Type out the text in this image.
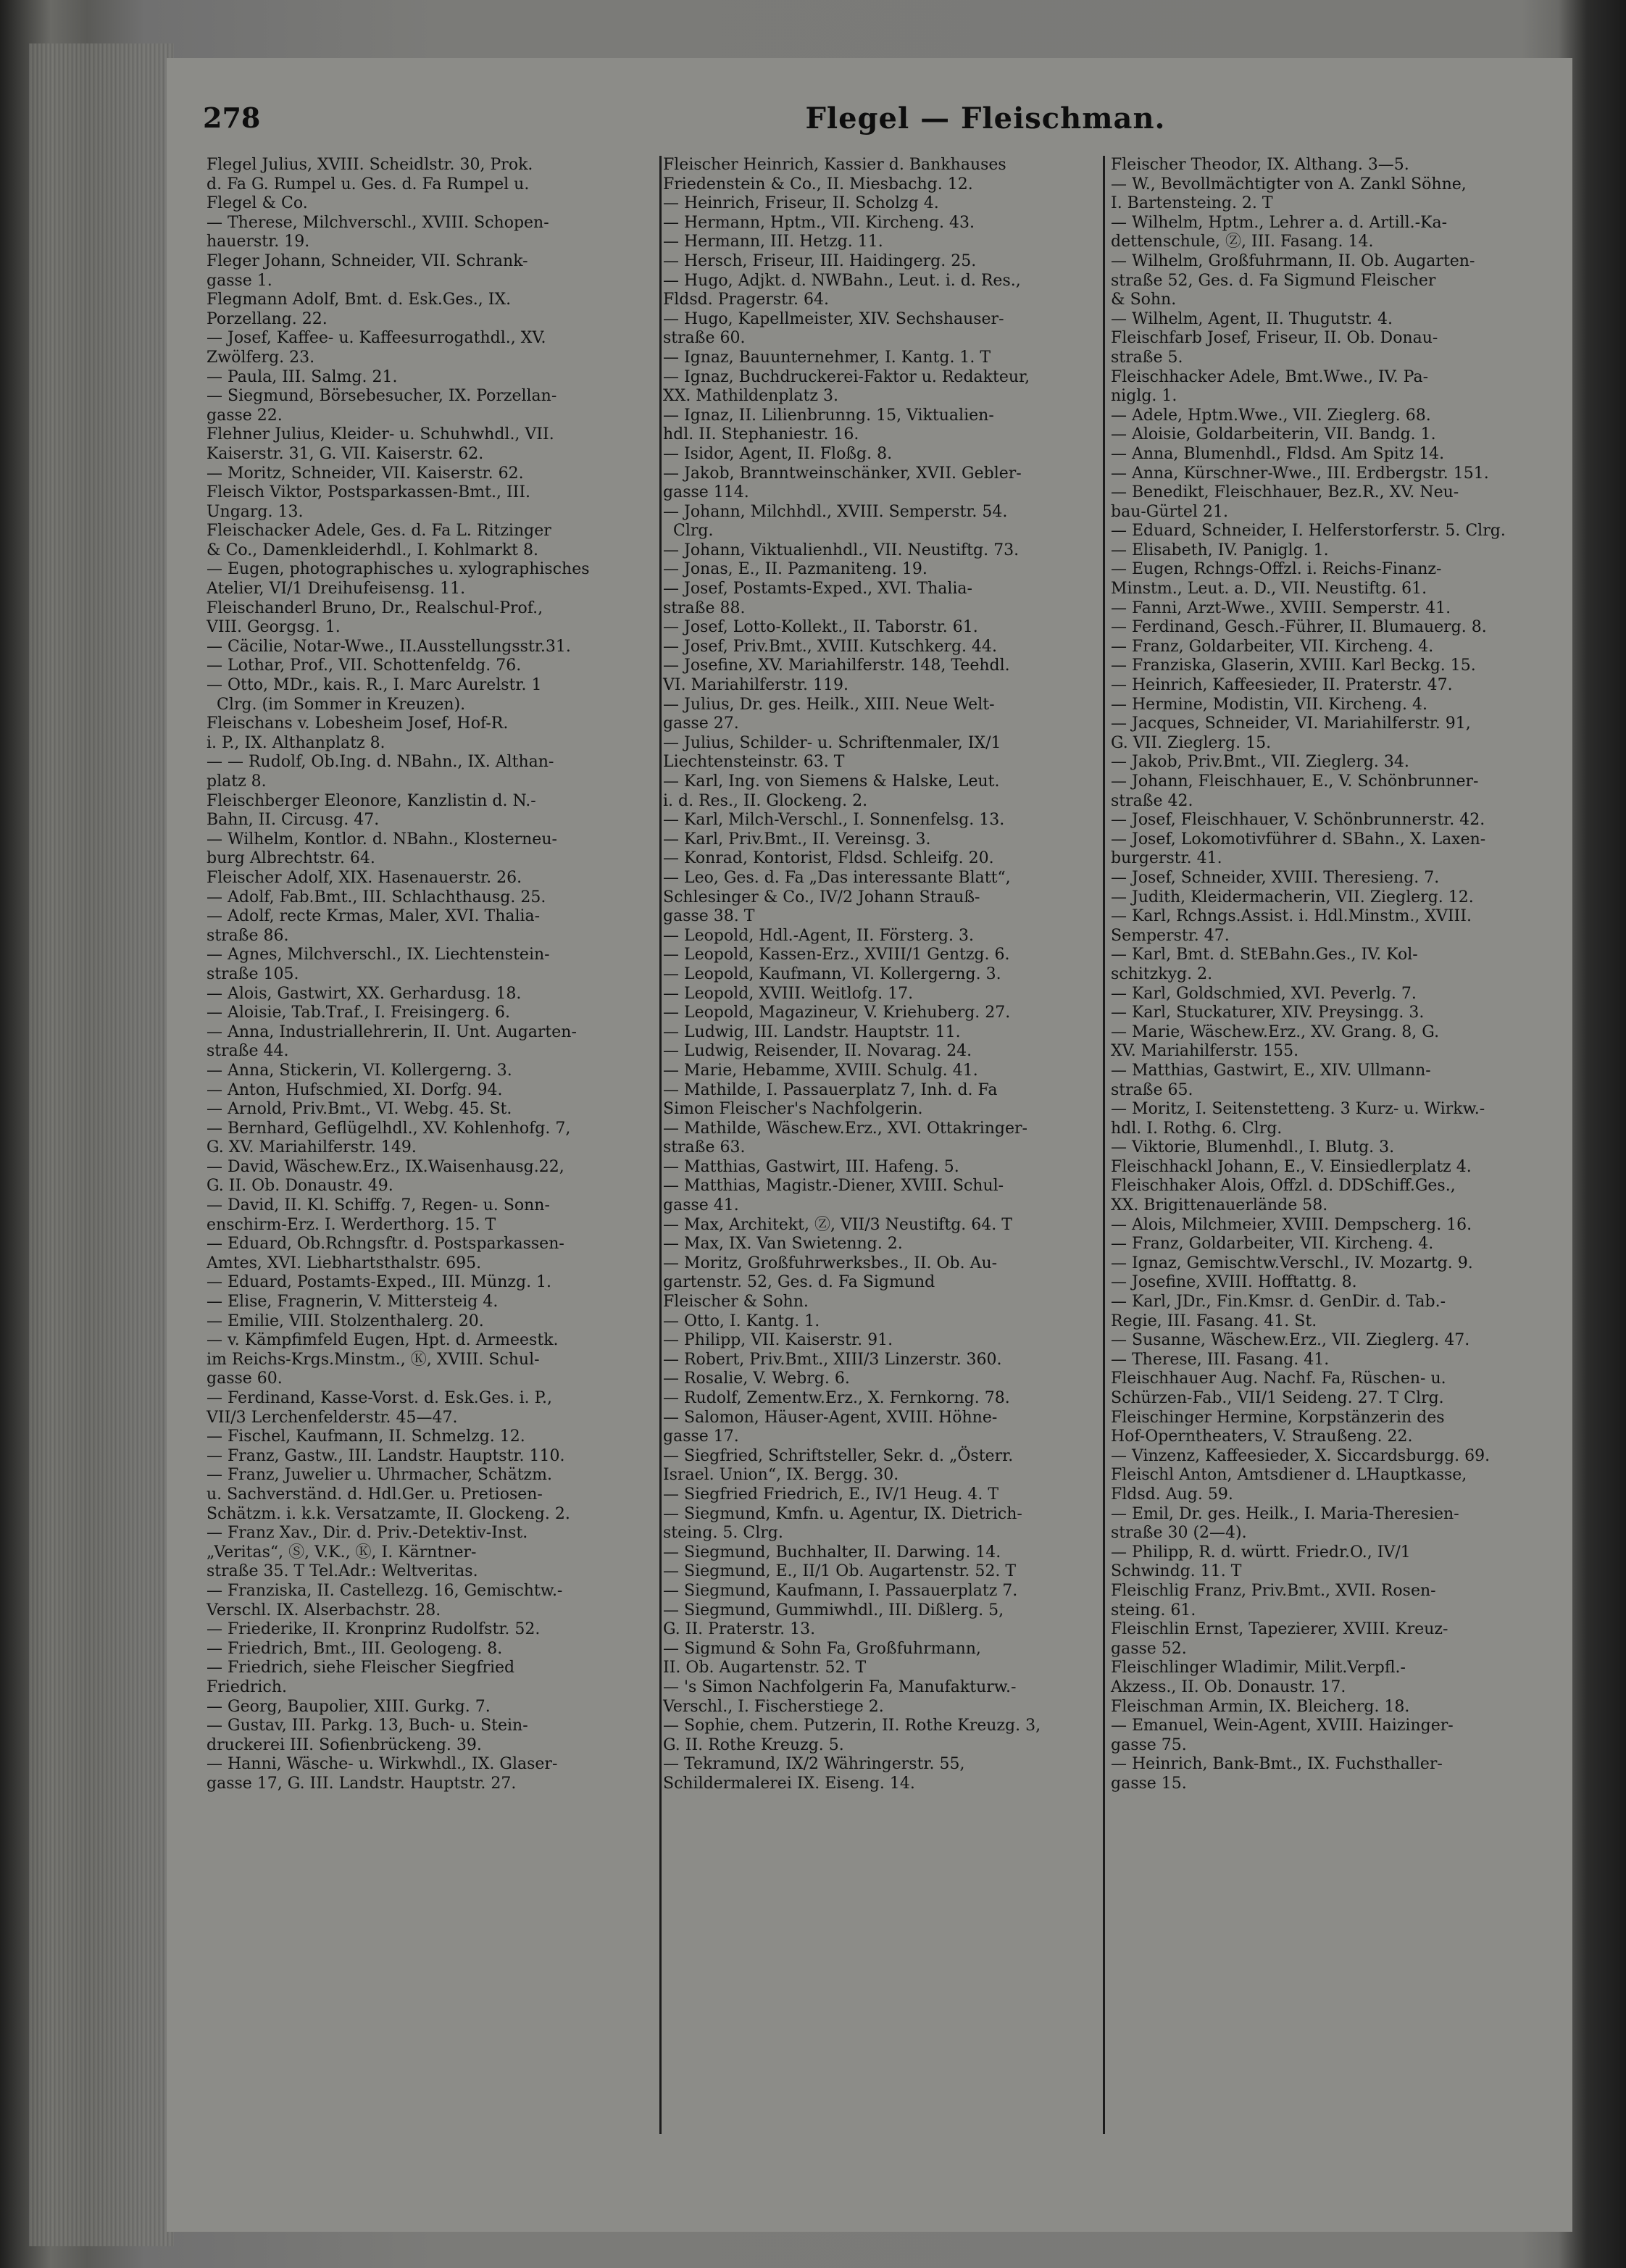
278	Flegel — Fleischman.
Flegel Julius, XVIII. Scheidlstr. 30, Prok.
d. Fa G. Rumpel u. Ges. d. Fa Rumpel u.
Flegel & Co.
— Therese, Milchverschl., XVIII. Schopen-
hauerstr. 19.
Fleger Johann, Schneider, VII. Schrank-
gasse 1.
Flegmann Adolf, Bmt. d. Esk.Ges., IX.
Porzellang. 22.
— Josef, Kaffee- u. Kaffeesurrogathdl., XV.
Zwölferg. 23.
— Paula, III. Salmg. 21.
— Siegmund, Börsebesucher, IX. Porzellan-
gasse 22.
Flehner Julius, Kleider- u. Schuhwhdl., VII.
Kaiserstr. 31, G. VII. Kaiserstr. 62.
— Moritz, Schneider, VII. Kaiserstr. 62.
Fleisch Viktor, Postsparkassen-Bmt., III.
Ungarg. 13.
Fleischacker Adele, Ges. d. Fa L. Ritzinger
& Co., Damenkleiderhdl., I. Kohlmarkt 8.
— Eugen, photographisches u. xylographisches
Atelier, VI/1 Dreihufeisensg. 11.
Fleischanderl Bruno, Dr., Realschul-Prof.,
VIII. Georgsg. 1.
— Cäcilie, Notar-Wwe., II.Ausstellungsstr.31.
— Lothar, Prof., VII. Schottenfeldg. 76.
— Otto, MDr., kais. R., I. Marc Aurelstr. 1
Clrg. (im Sommer in Kreuzen).
Fleischans v. Lobesheim Josef, Hof-R.
i. P., IX. Althanplatz 8.
— — Rudolf, Ob.Ing. d. NBahn., IX. Althan-
platz 8.
Fleischberger Eleonore, Kanzlistin d. N.-
Bahn, II. Circusg. 47.
— Wilhelm, Kontlor. d. NBahn., Klosterneu-
burg Albrechtstr. 64.
Fleischer Adolf, XIX. Hasenauerstr. 26.
— Adolf, Fab.Bmt., III. Schlachthausg. 25.
— Adolf, recte Krmas, Maler, XVI. Thalia-
straße 86.
— Agnes, Milchverschl., IX. Liechtenstein-
straße 105.
— Alois, Gastwirt, XX. Gerhardusg. 18.
— Aloisie, Tab.Traf., I. Freisingerg. 6.
— Anna, Industriallehrerin, II. Unt. Augarten-
straße 44.
— Anna, Stickerin, VI. Kollergerng. 3.
— Anton, Hufschmied, XI. Dorfg. 94.
— Arnold, Priv.Bmt., VI. Webg. 45. St.
— Bernhard, Geflügelhdl., XV. Kohlenhofg. 7,
G. XV. Mariahilferstr. 149.
— David, Wäschew.Erz., IX.Waisenhausg.22,
G. II. Ob. Donaustr. 49.
— David, II. Kl. Schiffg. 7, Regen- u. Sonn-
enschirm-Erz. I. Werderthorg. 15. T
— Eduard, Ob.Rchngsftr. d. Postsparkassen-
Amtes, XVI. Liebhartsthalstr. 695.
— Eduard, Postamts-Exped., III. Münzg. 1.
— Elise, Fragnerin, V. Mittersteig 4.
— Emilie, VIII. Stolzenthalerg. 20.
— v. Kämpfimfeld Eugen, Hpt. d. Armeestk.
im Reichs-Krgs.Minstm., Ⓚ, XVIII. Schul-
gasse 60.
— Ferdinand, Kasse-Vorst. d. Esk.Ges. i. P.,
VII/3 Lerchenfelderstr. 45—47.
— Fischel, Kaufmann, II. Schmelzg. 12.
— Franz, Gastw., III. Landstr. Hauptstr. 110.
— Franz, Juwelier u. Uhrmacher, Schätzm.
u. Sachverständ. d. Hdl.Ger. u. Pretiosen-
Schätzm. i. k.k. Versatzamte, II. Glockeng. 2.
— Franz Xav., Dir. d. Priv.-Detektiv-Inst.
„Veritas“, Ⓢ, V.K., Ⓚ, I. Kärntner-
straße 35. T Tel.Adr.: Weltveritas.
— Franziska, II. Castellezg. 16, Gemischtw.-
Verschl. IX. Alserbachstr. 28.
— Friederike, II. Kronprinz Rudolfstr. 52.
— Friedrich, Bmt., III. Geologeng. 8.
— Friedrich, siehe Fleischer Siegfried
Friedrich.
— Georg, Baupolier, XIII. Gurkg. 7.
— Gustav, III. Parkg. 13, Buch- u. Stein-
druckerei III. Sofienbrückeng. 39.
— Hanni, Wäsche- u. Wirkwhdl., IX. Glaser-
gasse 17, G. III. Landstr. Hauptstr. 27.
Fleischer Heinrich, Kassier d. Bankhauses
Friedenstein & Co., II. Miesbachg. 12.
— Heinrich, Friseur, II. Scholzg 4.
— Hermann, Hptm., VII. Kircheng. 43.
— Hermann, III. Hetzg. 11.
— Hersch, Friseur, III. Haidingerg. 25.
— Hugo, Adjkt. d. NWBahn., Leut. i. d. Res.,
Fldsd. Pragerstr. 64.
— Hugo, Kapellmeister, XIV. Sechshauser-
straße 60.
— Ignaz, Bauunternehmer, I. Kantg. 1. T
— Ignaz, Buchdruckerei-Faktor u. Redakteur,
XX. Mathildenplatz 3.
— Ignaz, II. Lilienbrunng. 15, Viktualien-
hdl. II. Stephaniestr. 16.
— Isidor, Agent, II. Floßg. 8.
— Jakob, Branntweinschänker, XVII. Gebler-
gasse 114.
— Johann, Milchhdl., XVIII. Semperstr. 54.
Clrg.
— Johann, Viktualienhdl., VII. Neustiftg. 73.
— Jonas, E., II. Pazmaniteng. 19.
— Josef, Postamts-Exped., XVI. Thalia-
straße 88.
— Josef, Lotto-Kollekt., II. Taborstr. 61.
— Josef, Priv.Bmt., XVIII. Kutschkerg. 44.
— Josefine, XV. Mariahilferstr. 148, Teehdl.
VI. Mariahilferstr. 119.
— Julius, Dr. ges. Heilk., XIII. Neue Welt-
gasse 27.
— Julius, Schilder- u. Schriftenmaler, IX/1
Liechtensteinstr. 63. T
— Karl, Ing. von Siemens & Halske, Leut.
i. d. Res., II. Glockeng. 2.
— Karl, Milch-Verschl., I. Sonnenfelsg. 13.
— Karl, Priv.Bmt., II. Vereinsg. 3.
— Konrad, Kontorist, Fldsd. Schleifg. 20.
— Leo, Ges. d. Fa „Das interessante Blatt“,
Schlesinger & Co., IV/2 Johann Strauß-
gasse 38. T
— Leopold, Hdl.-Agent, II. Försterg. 3.
— Leopold, Kassen-Erz., XVIII/1 Gentzg. 6.
— Leopold, Kaufmann, VI. Kollergerng. 3.
— Leopold, XVIII. Weitlofg. 17.
— Leopold, Magazineur, V. Kriehuberg. 27.
— Ludwig, III. Landstr. Hauptstr. 11.
— Ludwig, Reisender, II. Novarag. 24.
— Marie, Hebamme, XVIII. Schulg. 41.
— Mathilde, I. Passauerplatz 7, Inh. d. Fa
Simon Fleischer's Nachfolgerin.
— Mathilde, Wäschew.Erz., XVI. Ottakringer-
straße 63.
— Matthias, Gastwirt, III. Hafeng. 5.
— Matthias, Magistr.-Diener, XVIII. Schul-
gasse 41.
— Max, Architekt, Ⓩ, VII/3 Neustiftg. 64. T
— Max, IX. Van Swietenng. 2.
— Moritz, Großfuhrwerksbes., II. Ob. Au-
gartenstr. 52, Ges. d. Fa Sigmund
Fleischer & Sohn.
— Otto, I. Kantg. 1.
— Philipp, VII. Kaiserstr. 91.
— Robert, Priv.Bmt., XIII/3 Linzerstr. 360.
— Rosalie, V. Webrg. 6.
— Rudolf, Zementw.Erz., X. Fernkorng. 78.
— Salomon, Häuser-Agent, XVIII. Höhne-
gasse 17.
— Siegfried, Schriftsteller, Sekr. d. „Österr.
Israel. Union“, IX. Bergg. 30.
— Siegfried Friedrich, E., IV/1 Heug. 4. T
— Siegmund, Kmfn. u. Agentur, IX. Dietrich-
steing. 5. Clrg.
— Siegmund, Buchhalter, II. Darwing. 14.
— Siegmund, E., II/1 Ob. Augartenstr. 52. T
— Siegmund, Kaufmann, I. Passauerplatz 7.
— Siegmund, Gummiwhdl., III. Dißlerg. 5,
G. II. Praterstr. 13.
— Sigmund & Sohn Fa, Großfuhrmann,
II. Ob. Augartenstr. 52. T
— 's Simon Nachfolgerin Fa, Manufakturw.-
Verschl., I. Fischerstiege 2.
— Sophie, chem. Putzerin, II. Rothe Kreuzg. 3,
G. II. Rothe Kreuzg. 5.
— Tekramund, IX/2 Währingerstr. 55,
Schildermalerei IX. Eiseng. 14.
Fleischer Theodor, IX. Althang. 3—5.
— W., Bevollmächtigter von A. Zankl Söhne,
I. Bartensteing. 2. T
— Wilhelm, Hptm., Lehrer a. d. Artill.-Ka-
dettenschule, Ⓩ, III. Fasang. 14.
— Wilhelm, Großfuhrmann, II. Ob. Augarten-
straße 52, Ges. d. Fa Sigmund Fleischer
& Sohn.
— Wilhelm, Agent, II. Thugutstr. 4.
Fleischfarb Josef, Friseur, II. Ob. Donau-
straße 5.
Fleischhacker Adele, Bmt.Wwe., IV. Pa-
niglg. 1.
— Adele, Hptm.Wwe., VII. Zieglerg. 68.
— Aloisie, Goldarbeiterin, VII. Bandg. 1.
— Anna, Blumenhdl., Fldsd. Am Spitz 14.
— Anna, Kürschner-Wwe., III. Erdbergstr. 151.
— Benedikt, Fleischhauer, Bez.R., XV. Neu-
bau-Gürtel 21.
— Eduard, Schneider, I. Helferstorferstr. 5. Clrg.
— Elisabeth, IV. Paniglg. 1.
— Eugen, Rchngs-Offzl. i. Reichs-Finanz-
Minstm., Leut. a. D., VII. Neustiftg. 61.
— Fanni, Arzt-Wwe., XVIII. Semperstr. 41.
— Ferdinand, Gesch.-Führer, II. Blumauerg. 8.
— Franz, Goldarbeiter, VII. Kircheng. 4.
— Franziska, Glaserin, XVIII. Karl Beckg. 15.
— Heinrich, Kaffeesieder, II. Praterstr. 47.
— Hermine, Modistin, VII. Kircheng. 4.
— Jacques, Schneider, VI. Mariahilferstr. 91,
G. VII. Zieglerg. 15.
— Jakob, Priv.Bmt., VII. Zieglerg. 34.
— Johann, Fleischhauer, E., V. Schönbrunner-
straße 42.
— Josef, Fleischhauer, V. Schönbrunnerstr. 42.
— Josef, Lokomotivführer d. SBahn., X. Laxen-
burgerstr. 41.
— Josef, Schneider, XVIII. Theresieng. 7.
— Judith, Kleidermacherin, VII. Zieglerg. 12.
— Karl, Rchngs.Assist. i. Hdl.Minstm., XVIII.
Semperstr. 47.
— Karl, Bmt. d. StEBahn.Ges., IV. Kol-
schitzkyg. 2.
— Karl, Goldschmied, XVI. Peverlg. 7.
— Karl, Stuckaturer, XIV. Preysingg. 3.
— Marie, Wäschew.Erz., XV. Grang. 8, G.
XV. Mariahilferstr. 155.
— Matthias, Gastwirt, E., XIV. Ullmann-
straße 65.
— Moritz, I. Seitenstetteng. 3 Kurz- u. Wirkw.-
hdl. I. Rothg. 6. Clrg.
— Viktorie, Blumenhdl., I. Blutg. 3.
Fleischhackl Johann, E., V. Einsiedlerplatz 4.
Fleischhaker Alois, Offzl. d. DDSchiff.Ges.,
XX. Brigittenauerlände 58.
— Alois, Milchmeier, XVIII. Dempscherg. 16.
— Franz, Goldarbeiter, VII. Kircheng. 4.
— Ignaz, Gemischtw.Verschl., IV. Mozartg. 9.
— Josefine, XVIII. Hofftattg. 8.
— Karl, JDr., Fin.Kmsr. d. GenDir. d. Tab.-
Regie, III. Fasang. 41. St.
— Susanne, Wäschew.Erz., VII. Zieglerg. 47.
— Therese, III. Fasang. 41.
Fleischhauer Aug. Nachf. Fa, Rüschen- u.
Schürzen-Fab., VII/1 Seideng. 27. T Clrg.
Fleischinger Hermine, Korpstänzerin des
Hof-Operntheaters, V. Straußeng. 22.
— Vinzenz, Kaffeesieder, X. Siccardsburgg. 69.
Fleischl Anton, Amtsdiener d. LHauptkasse,
Fldsd. Aug. 59.
— Emil, Dr. ges. Heilk., I. Maria-Theresien-
straße 30 (2—4).
— Philipp, R. d. württ. Friedr.O., IV/1
Schwindg. 11. T
Fleischlig Franz, Priv.Bmt., XVII. Rosen-
steing. 61.
Fleischlin Ernst, Tapezierer, XVIII. Kreuz-
gasse 52.
Fleischlinger Wladimir, Milit.Verpfl.-
Akzess., II. Ob. Donaustr. 17.
Fleischman Armin, IX. Bleicherg. 18.
— Emanuel, Wein-Agent, XVIII. Haizinger-
gasse 75.
— Heinrich, Bank-Bmt., IX. Fuchsthaller-
gasse 15.
